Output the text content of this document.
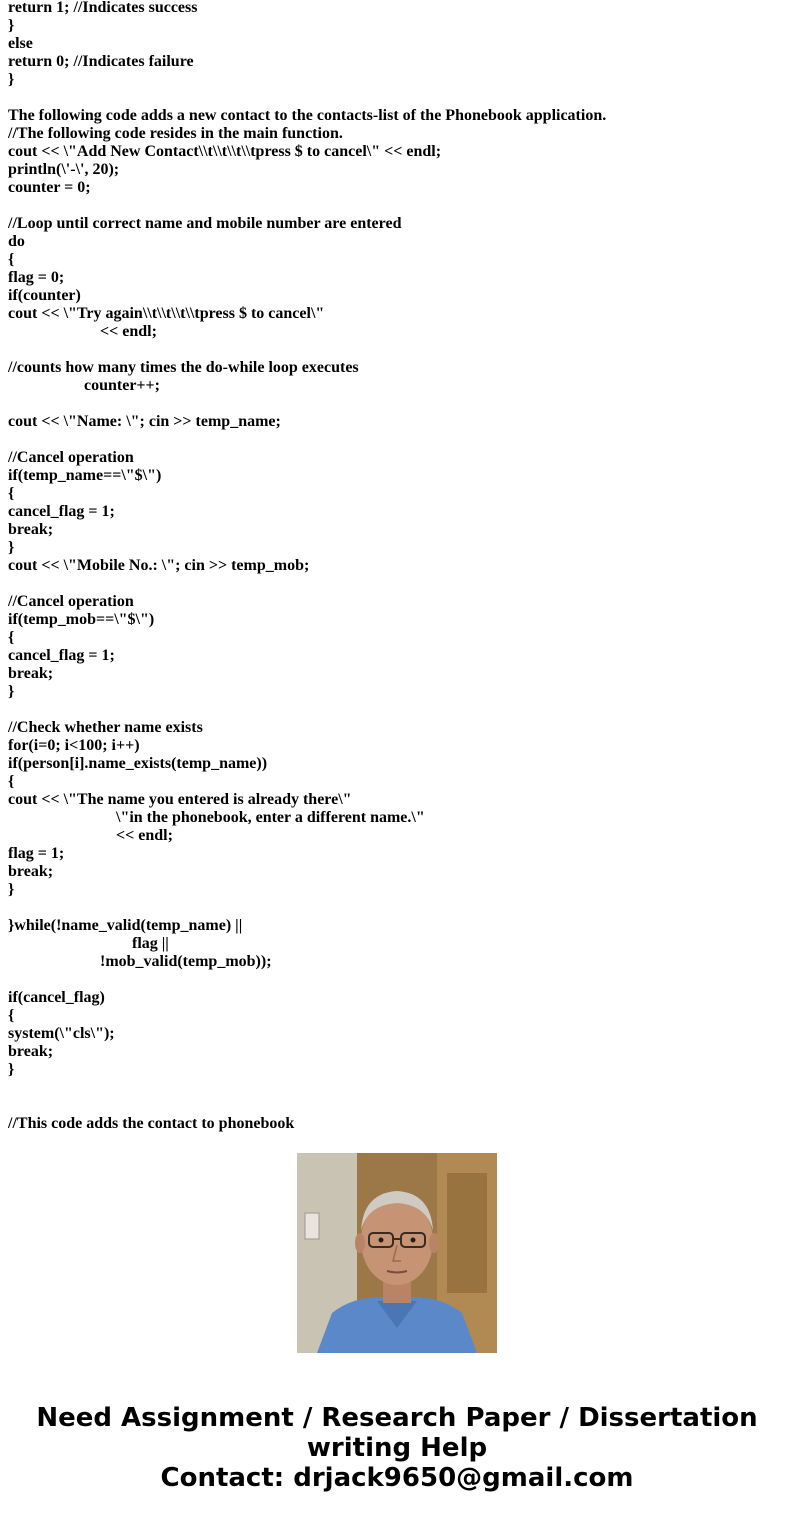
return 1; //Indicates success
}
else
return 0; //Indicates failure
}
The following code adds a new contact to the contacts-list of the Phonebook application.
//The following code resides in the main function.
cout << \"Add New Contact\\t\\t\\t\\tpress $ to cancel\" << endl;
println(\'-\', 20);
counter = 0;
//Loop until correct name and mobile number are entered
do
{
flag = 0;
if(counter)
cout << \"Try again\\t\\t\\t\\tpress $ to cancel\"
<< endl;
//counts how many times the do-while loop executes
counter++;
cout << \"Name: \"; cin >> temp_name;
//Cancel operation
if(temp_name==\"$\")
{
cancel_flag = 1;
break;
}
cout << \"Mobile No.: \"; cin >> temp_mob;
//Cancel operation
if(temp_mob==\"$\")
{
cancel_flag = 1;
break;
}
//Check whether name exists
for(i=0; i<100; i++)
if(person[i].name_exists(temp_name))
{
cout << \"The name you entered is already there\"
\"in the phonebook, enter a different name.\"
<< endl;
flag = 1;
break;
}
}while(!name_valid(temp_name) ||
flag ||
!mob_valid(temp_mob));
if(cancel_flag)
{
system(\"cls\");
break;
}
//This code adds the contact to phonebook
Need Assignment / Research Paper / Dissertation
writing Help
Contact: drjack9650@gmail.com
